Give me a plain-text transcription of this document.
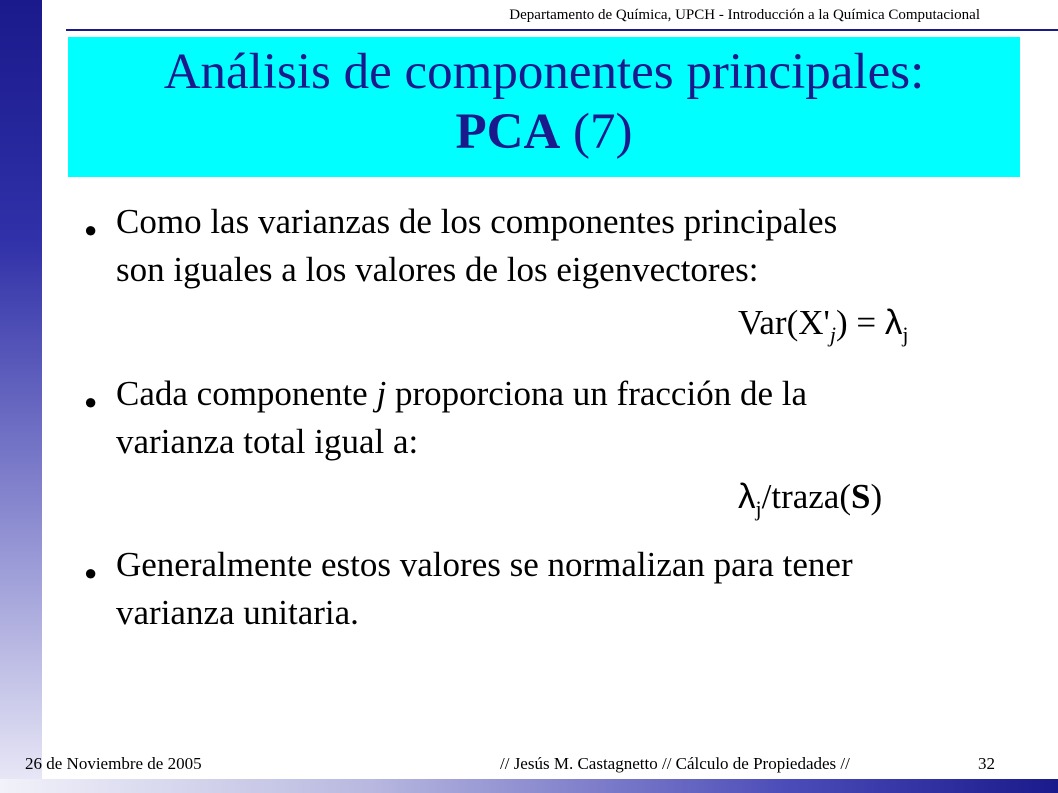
Departamento de Química, UPCH - Introducción a la Química Computacional
Análisis de componentes principales:
PCA (7)
● Como las varianzas de los componentes principales
son iguales a los valores de los eigenvectores:
$Var(X'_j) = \lambda_j$
● Cada componente j proporciona un fracción de la
varianza total igual a:
$\lambda_j/traza(S)$
● Generalmente estos valores se normalizan para tener
varianza unitaria.
26 de Noviembre de 2005	// Jesús M. Castagnetto // Cálculo de Propiedades //	32
